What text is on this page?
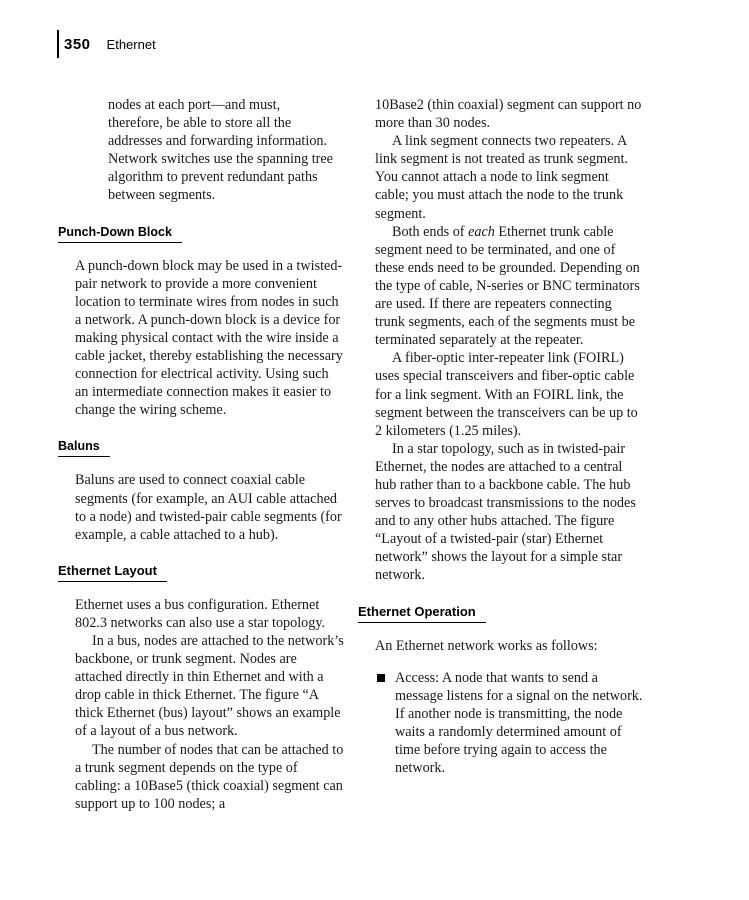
350 Ethernet

nodes at each port—and must, therefore, be able to store all the addresses and forwarding information. Network switches use the spanning tree algorithm to prevent redundant paths between segments.

Punch-Down Block

A punch-down block may be used in a twisted-pair network to provide a more convenient location to terminate wires from nodes in such a network. A punch-down block is a device for making physical contact with the wire inside a cable jacket, thereby establishing the necessary connection for electrical activity. Using such an intermediate connection makes it easier to change the wiring scheme.

Baluns

Baluns are used to connect coaxial cable segments (for example, an AUI cable attached to a node) and twisted-pair cable segments (for example, a cable attached to a hub).

Ethernet Layout

Ethernet uses a bus configuration. Ethernet 802.3 networks can also use a star topology.

In a bus, nodes are attached to the network’s backbone, or trunk segment. Nodes are attached directly in thin Ethernet and with a drop cable in thick Ethernet. The figure “A thick Ethernet (bus) layout” shows an example of a layout of a bus network.

The number of nodes that can be attached to a trunk segment depends on the type of cabling: a 10Base5 (thick coaxial) segment can support up to 100 nodes; a

10Base2 (thin coaxial) segment can support no more than 30 nodes.

A link segment connects two repeaters. A link segment is not treated as trunk segment. You cannot attach a node to link segment cable; you must attach the node to the trunk segment.

Both ends of each Ethernet trunk cable segment need to be terminated, and one of these ends need to be grounded. Depending on the type of cable, N-series or BNC terminators are used. If there are repeaters connecting trunk segments, each of the segments must be terminated separately at the repeater.

A fiber-optic inter-repeater link (FOIRL) uses special transceivers and fiber-optic cable for a link segment. With an FOIRL link, the segment between the transceivers can be up to 2 kilometers (1.25 miles).

In a star topology, such as in twisted-pair Ethernet, the nodes are attached to a central hub rather than to a backbone cable. The hub serves to broadcast transmissions to the nodes and to any other hubs attached. The figure “Layout of a twisted-pair (star) Ethernet network” shows the layout for a simple star network.

Ethernet Operation

An Ethernet network works as follows:

Access: A node that wants to send a message listens for a signal on the network. If another node is transmitting, the node waits a randomly determined amount of time before trying again to access the network.
